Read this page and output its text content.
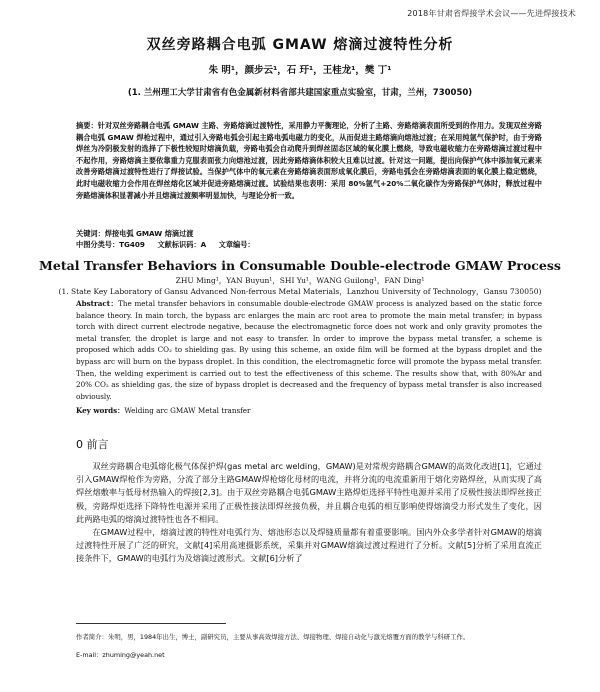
2018年甘肃省焊接学术会议——先进焊接技术
双丝旁路耦合电弧 GMAW 熔滴过渡特性分析
朱 明¹，颜步云¹，石 玗¹，王桂龙¹，樊 丁¹
(1. 兰州理工大学甘肃省有色金属新材料省部共建国家重点实验室，甘肃，兰州，730050)
摘要：针对双丝旁路耦合电弧 GMAW 主路、旁路熔滴过渡特性，采用静力平衡理论，分析了主路、旁路熔滴表面所受到的作用力。发现双丝旁路耦合电弧 GMAW 焊枪过程中，通过引入旁路电弧会引起主路电弧电磁力的变化，从而促进主路熔滴向熔池过渡；在采用纯氩气保护时，由于旁路焊丝为冷阴极发射的选择了下极性较短时熔滴负载，旁路电弧会自动爬升到焊丝固态区域的氧化膜上燃烧，导致电磁收缩力在旁路熔滴过渡过程中不起作用，旁路熔滴主要依靠重力克服表面张力向熔池过渡，因此旁路熔滴体积较大且难以过渡。针对这一问题，提出向保护气体中添加氧元素来改善旁路熔滴过渡特性进行了焊接试验。当保护气体中的氧元素在旁路熔滴表面形成氧化膜后，旁路电弧会在旁路熔滴表面的氧化膜上稳定燃烧，此时电磁收缩力会作用在焊丝熔化区域并促进旁路熔滴过渡。试验结果也表明：采用 80%氩气+20%二氧化碳作为旁路保护气体时，释放过程中旁路熔滴体积显著减小并且熔滴过渡频率明显加快，与理论分析一致。
关键词：焊接电弧 GMAW 熔滴过渡
中图分类号：TG409 文献标识码：A 文章编号：
Metal Transfer Behaviors in Consumable Double-electrode GMAW Process
ZHU Ming¹，YAN Buyun¹，SHI Yu¹，WANG Guilong¹，FAN Ding¹
(1. State Key Laboratory of Gansu Advanced Non-ferrous Metal Materials，Lanzhou University of Technology，Gansu 730050)
Abstract：The metal transfer behaviors in consumable double-electrode GMAW process is analyzed based on the static force balance theory. In main torch, the bypass arc enlarges the main arc root area to promote the main metal transfer; in bypass torch with direct current electrode negative, because the electromagnetic force does not work and only gravity promotes the metal transfer, the droplet is large and not easy to transfer. In order to improve the bypass metal transfer, a scheme is proposed which adds CO₂ to shielding gas. By using this scheme, an oxide film will be formed at the bypass droplet and the bypass arc will burn on the bypass droplet. In this condition, the electromagnetic force will promote the bypass metal transfer. Then, the welding experiment is carried out to test the effectiveness of this scheme. The results show that, with 80%Ar and 20% CO₂ as shielding gas, the size of bypass droplet is decreased and the frequency of bypass metal transfer is also increased obviously.
Key words：Welding arc GMAW Metal transfer
0 前言

双丝旁路耦合电弧熔化极气体保护焊(gas metal arc welding，GMAW)是对常规旁路耦合GMAW的高效化改进[1]，它通过引入GMAW焊枪作为旁路，分流了部分主路GMAW焊枪熔化母材的电流，并将分流的电流重新用于熔化旁路焊丝，从而实现了高焊丝熔敷率与低母材热输入的焊接[2,3]。由于双丝旁路耦合电弧GMAW主路焊炬选择平特性电源并采用了反极性接法即焊丝接正极，旁路焊炬选择下降特性电源并采用了正极性接法即焊丝接负极，并且耦合电弧的相互影响使得熔滴受力形式发生了变化，因此两路电弧的熔滴过渡特性也各不相同。

在GMAW过程中，熔滴过渡的特性对电弧行为、熔池形态以及焊缝质量都有着重要影响。国内外众多学者针对GMAW的熔滴过渡特性开展了广泛的研究，文献[4]采用高速摄影系统，采集并对GMAW熔滴过渡过程进行了分析。文献[5]分析了采用直流正接条件下，GMAW的电弧行为及熔滴过渡形式。文献[6]分析了

作者简介：朱明，男，1984年出生，博士，副研究员，主要从事高效焊接方法、焊接物理、焊接自动化与激光熔覆方面的教学与科研工作。
E-mail：zhuming@yeah.net
